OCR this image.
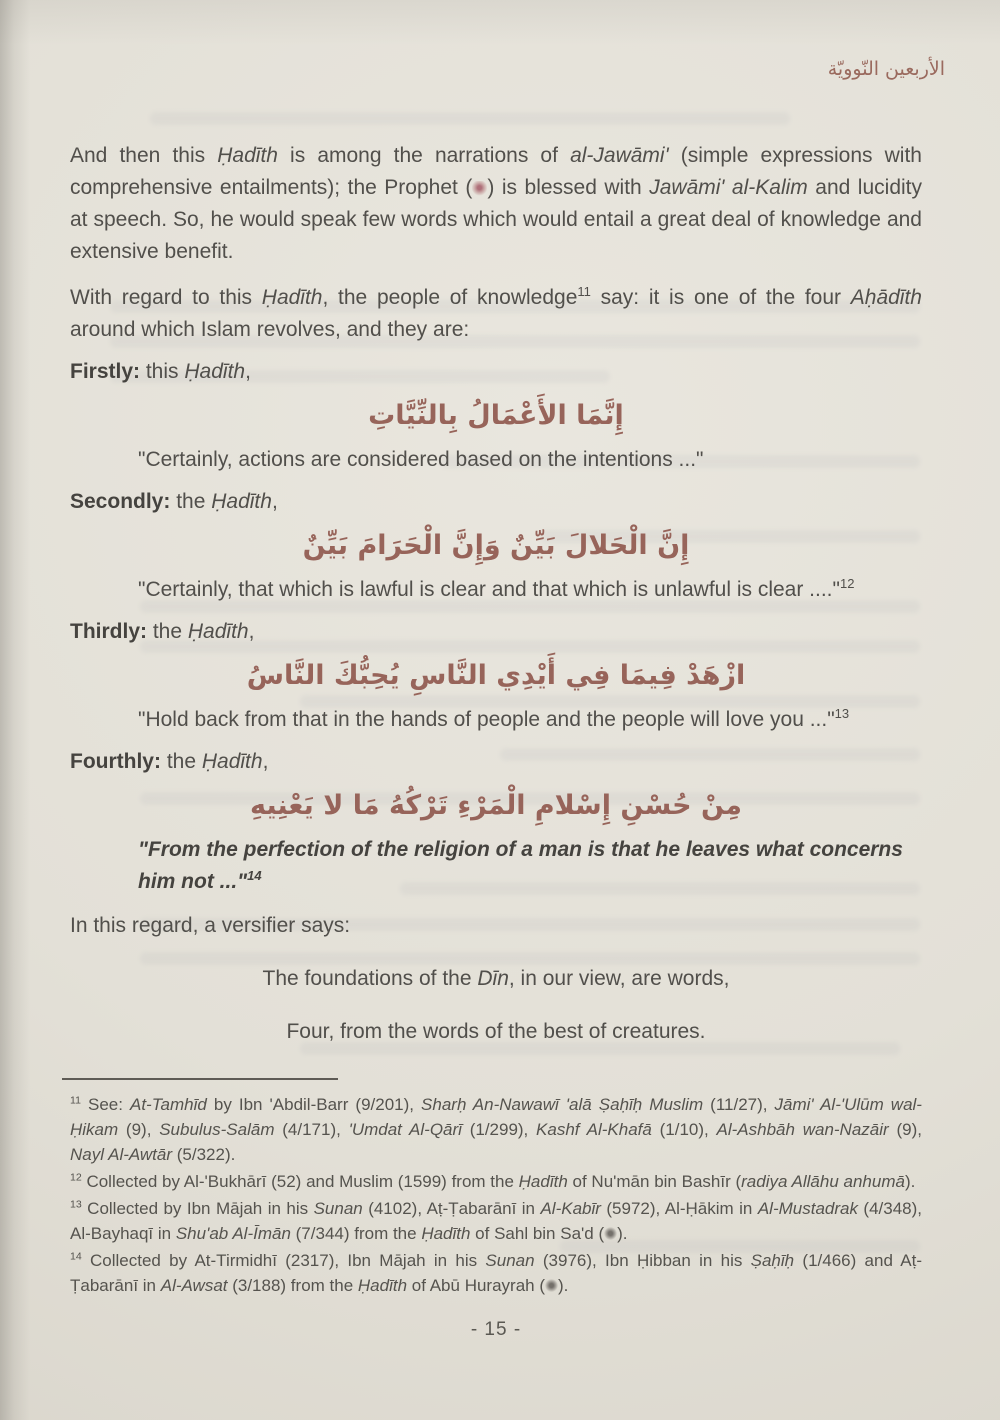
الأربعين النّوويّة

And then this Ḥadīth is among the narrations of al-Jawāmi' (simple expressions with comprehensive entailments); the Prophet ( ) is blessed with Jawāmi' al-Kalim and lucidity at speech. So, he would speak few words which would entail a great deal of knowledge and extensive benefit.

With regard to this Ḥadīth, the people of knowledge$^{11}$ say: it is one of the four Aḥādīth around which Islam revolves, and they are:

Firstly: this Ḥadīth,

إِنَّمَا الأَعْمَالُ بِالنِّيَّاتِ

"Certainly, actions are considered based on the intentions ..."

Secondly: the Ḥadīth,

إِنَّ الْحَلالَ بَيِّنٌ وَإِنَّ الْحَرَامَ بَيِّنٌ

"Certainly, that which is lawful is clear and that which is unlawful is clear ...."$^{12}$

Thirdly: the Ḥadīth,

ازْهَدْ فِيمَا فِي أَيْدِي النَّاسِ يُحِبُّكَ النَّاسُ

"Hold back from that in the hands of people and the people will love you ..."$^{13}$

Fourthly: the Ḥadīth,

مِنْ حُسْنِ إِسْلامِ الْمَرْءِ تَرْكُهُ مَا لا يَعْنِيهِ

"From the perfection of the religion of a man is that he leaves what concerns him not ..."$^{14}$

In this regard, a versifier says:

The foundations of the Dīn, in our view, are words,

Four, from the words of the best of creatures.

$^{11}$ See: At-Tamhīd by Ibn 'Abdil-Barr (9/201), Sharḥ An-Nawawī 'alā Ṣaḥīḥ Muslim (11/27), Jāmi' Al-'Ulūm wal-Ḥikam (9), Subulus-Salām (4/171), 'Umdat Al-Qārī (1/299), Kashf Al-Khafā (1/10), Al-Ashbāh wan-Nazāir (9), Nayl Al-Awtār (5/322).

$^{12}$ Collected by Al-'Bukhārī (52) and Muslim (1599) from the Ḥadīth of Nu'mān bin Bashīr (radiya Allāhu anhumā).

$^{13}$ Collected by Ibn Mājah in his Sunan (4102), Aṭ-Ṭabarānī in Al-Kabīr (5972), Al-Ḥākim in Al-Mustadrak (4/348), Al-Bayhaqī in Shu'ab Al-Īmān (7/344) from the Ḥadīth of Sahl bin Sa'd ( ).

$^{14}$ Collected by At-Tirmidhī (2317), Ibn Mājah in his Sunan (3976), Ibn Ḥibban in his Ṣaḥīḥ (1/466) and Aṭ-Ṭabarānī in Al-Awsat (3/188) from the Ḥadīth of Abū Hurayrah ( ).

- 15 -
